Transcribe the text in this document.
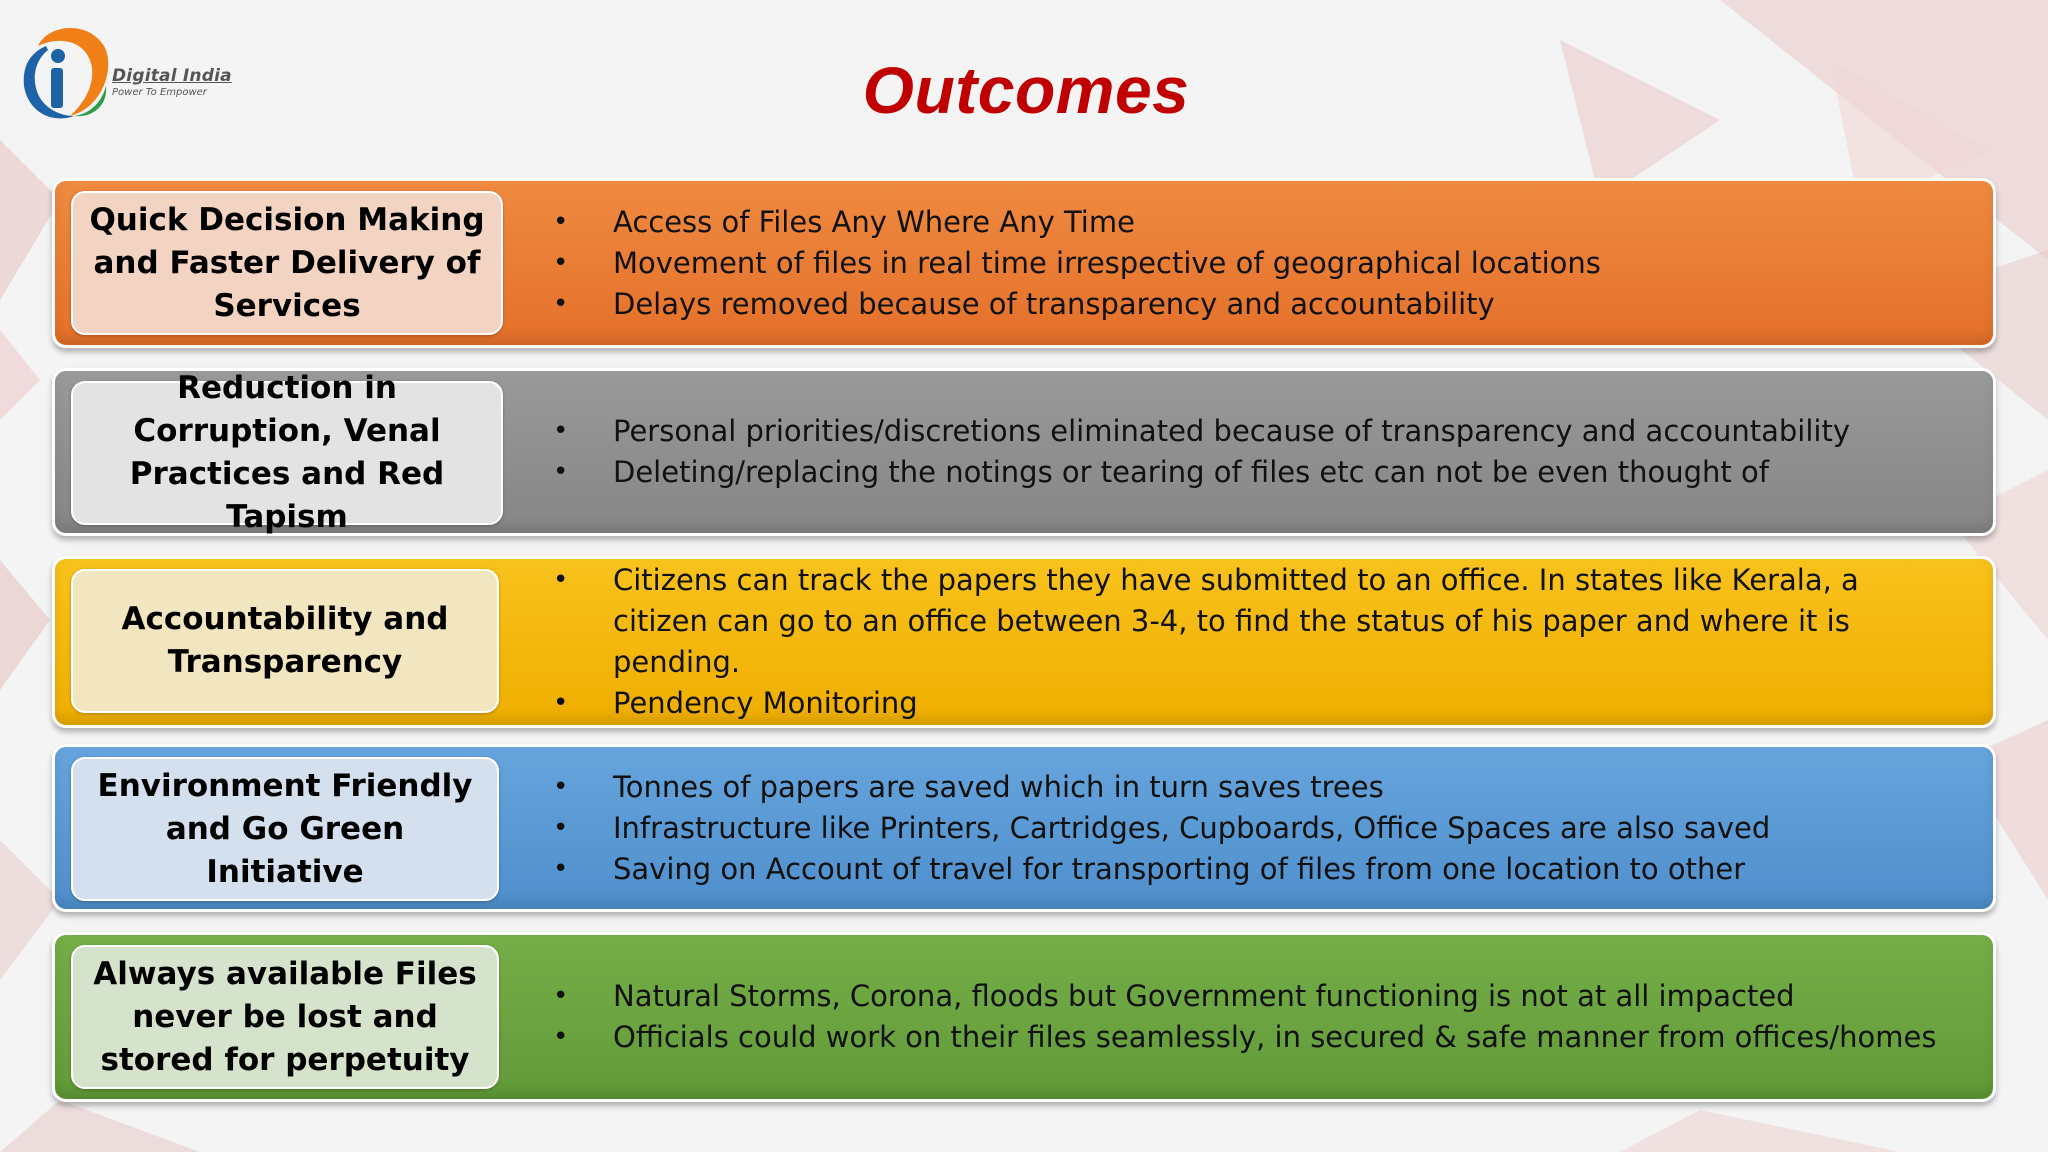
Digital India
Power To Empower	Outcomes
Quick Decision Making and Faster Delivery of Services
• Access of Files Any Where Any Time
• Movement of files in real time irrespective of geographical locations
• Delays removed because of transparency and accountability
Reduction in Corruption, Venal Practices and Red Tapism
• Personal priorities/discretions eliminated because of transparency and accountability
• Deleting/replacing the notings or tearing of files etc can not be even thought of
Accountability and Transparency
• Citizens can track the papers they have submitted to an office. In states like Kerala, a citizen can go to an office between 3-4, to find the status of his paper and where it is pending.
• Pendency Monitoring
Environment Friendly and Go Green Initiative
• Tonnes of papers are saved which in turn saves trees
• Infrastructure like Printers, Cartridges, Cupboards, Office Spaces are also saved
• Saving on Account of travel for transporting of files from one location to other
Always available Files never be lost and stored for perpetuity
• Natural Storms, Corona, floods but Government functioning is not at all impacted
• Officials could work on their files seamlessly, in secured & safe manner from offices/homes
